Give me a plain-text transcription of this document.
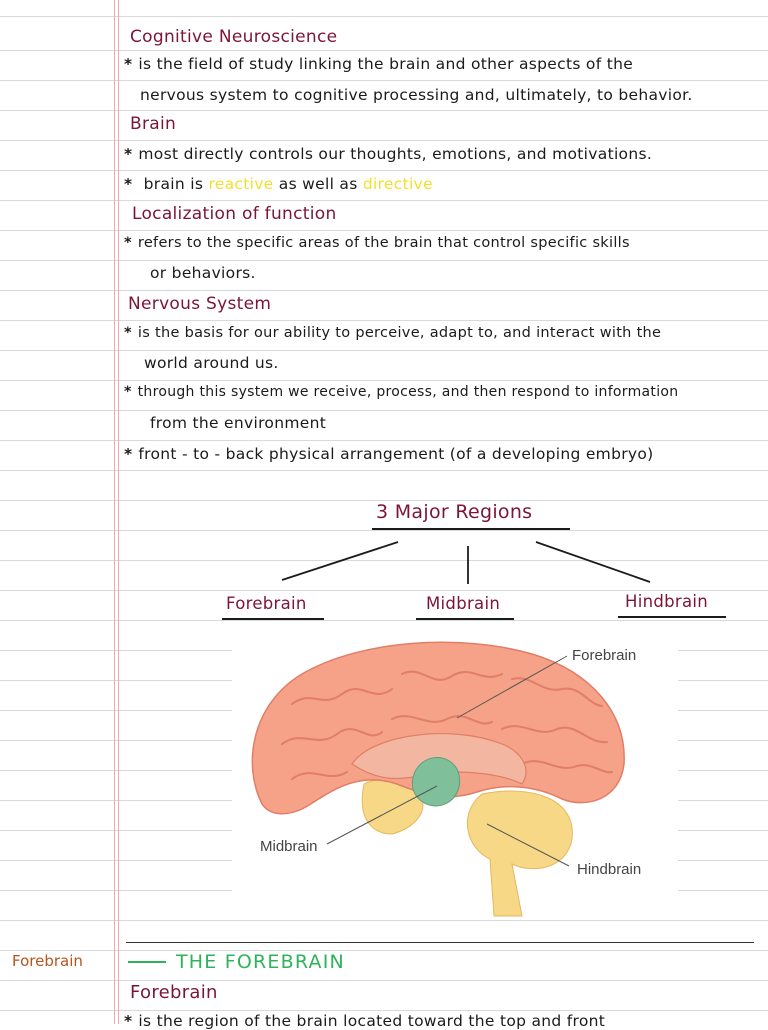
Cognitive Neuroscience
* is the field of study linking the brain and other aspects of the
nervous system to cognitive processing and, ultimately, to behavior.
Brain
* most directly controls our thoughts, emotions, and motivations.
* brain is reactive as well as directive
Localization of function
* refers to the specific areas of the brain that control specific skills
or behaviors.
Nervous System
* is the basis for our ability to perceive, adapt to, and interact with the
world around us.
* through this system we receive, process, and then respond to information
from the environment
* front - to - back physical arrangement (of a developing embryo)
3 Major Regions
Forebrain	Midbrain	Hindbrain
Forebrain
Midbrain
Hindbrain
Forebrain	THE FOREBRAIN
Forebrain
* is the region of the brain located toward the top and front
